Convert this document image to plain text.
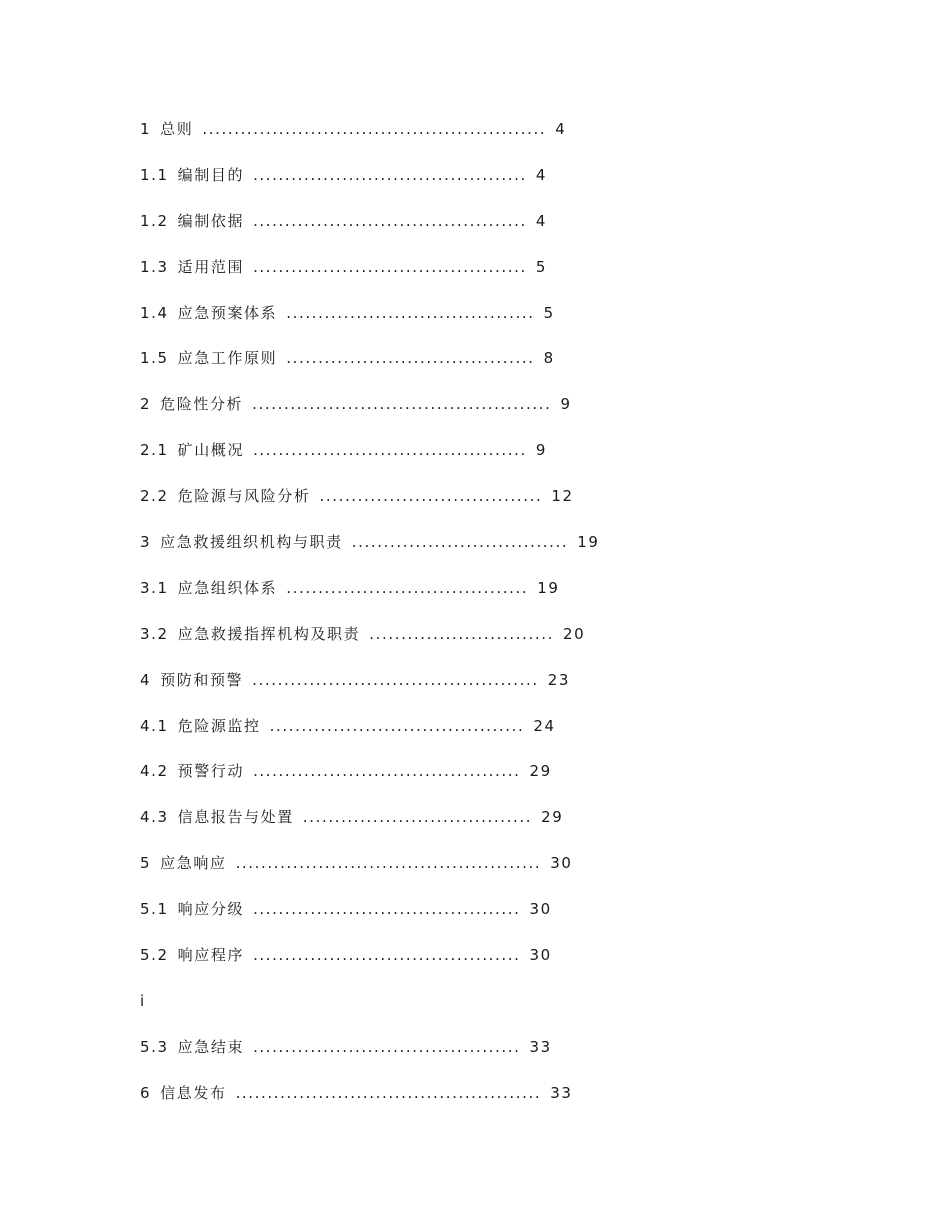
1 总则 ...................................................... 4
1.1 编制目的 ........................................... 4
1.2 编制依据 ........................................... 4
1.3 适用范围 ........................................... 5
1.4 应急预案体系 ....................................... 5
1.5 应急工作原则 ....................................... 8
2 危险性分析 ............................................... 9
2.1 矿山概况 ........................................... 9
2.2 危险源与风险分析 ................................... 12
3 应急救援组织机构与职责 .................................. 19
3.1 应急组织体系 ...................................... 19
3.2 应急救援指挥机构及职责 ............................. 20
4 预防和预警 ............................................. 23
4.1 危险源监控 ........................................ 24
4.2 预警行动 .......................................... 29
4.3 信息报告与处置 .................................... 29
5 应急响应 ................................................ 30
5.1 响应分级 .......................................... 30
5.2 响应程序 .......................................... 30
i
5.3 应急结束 .......................................... 33
6 信息发布 ................................................ 33
